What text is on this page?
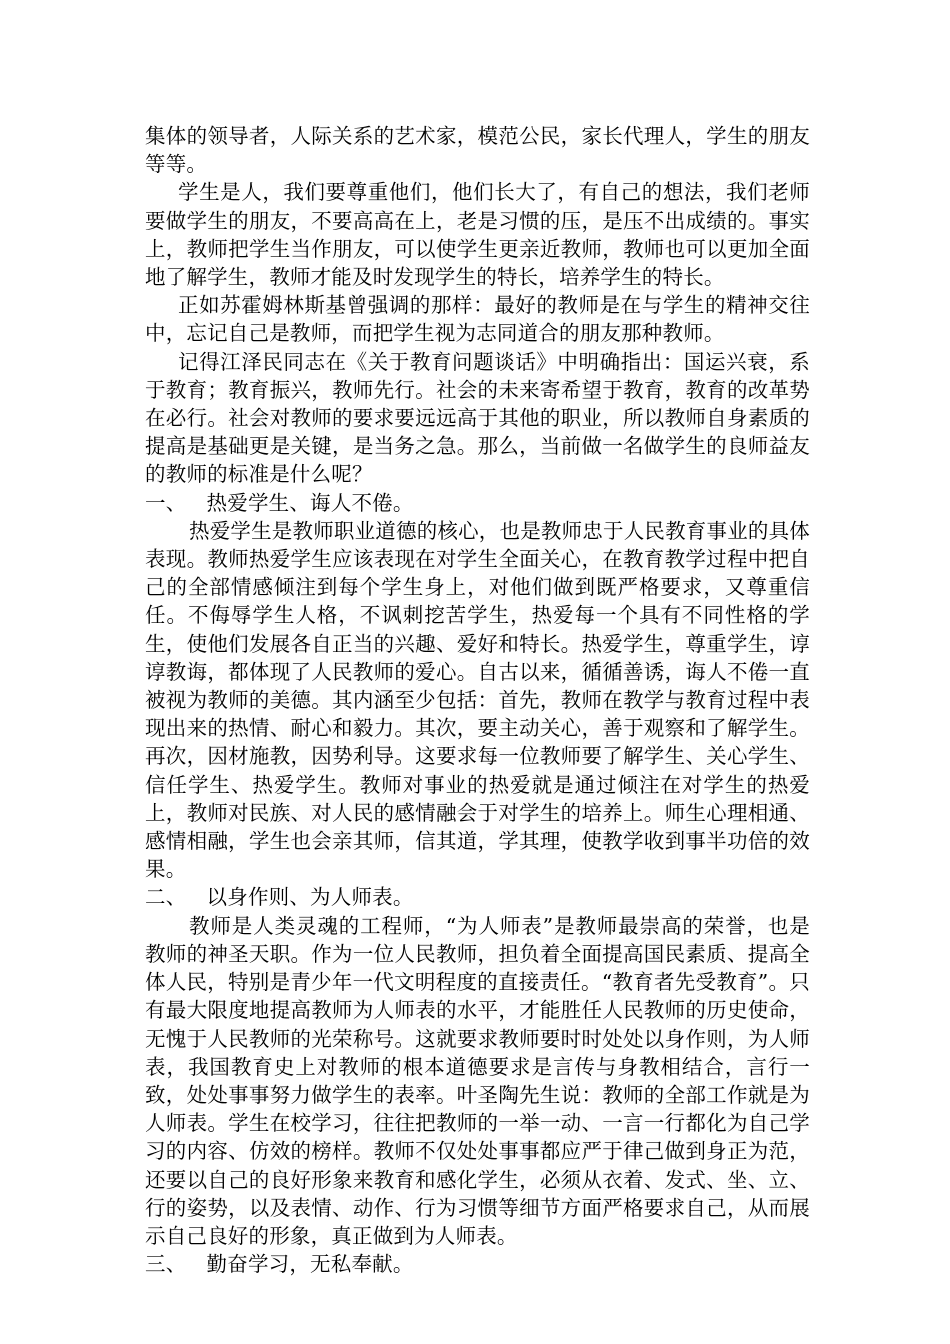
集体的领导者，人际关系的艺术家，模范公民，家长代理人，学生的朋友等等。

学生是人，我们要尊重他们，他们长大了，有自己的想法，我们老师要做学生的朋友，不要高高在上，老是习惯的压，是压不出成绩的。事实上，教师把学生当作朋友，可以使学生更亲近教师，教师也可以更加全面地了解学生，教师才能及时发现学生的特长，培养学生的特长。

正如苏霍姆林斯基曾强调的那样：最好的教师是在与学生的精神交往中，忘记自己是教师，而把学生视为志同道合的朋友那种教师。

记得江泽民同志在《关于教育问题谈话》中明确指出：国运兴衰，系于教育；教育振兴，教师先行。社会的未来寄希望于教育，教育的改革势在必行。社会对教师的要求要远远高于其他的职业，所以教师自身素质的提高是基础更是关键，是当务之急。那么，当前做一名做学生的良师益友的教师的标准是什么呢？

一、   热爱学生、诲人不倦。

热爱学生是教师职业道德的核心，也是教师忠于人民教育事业的具体表现。教师热爱学生应该表现在对学生全面关心，在教育教学过程中把自己的全部情感倾注到每个学生身上，对他们做到既严格要求，又尊重信任。不侮辱学生人格，不讽刺挖苦学生，热爱每一个具有不同性格的学生，使他们发展各自正当的兴趣、爱好和特长。热爱学生，尊重学生，谆谆教诲，都体现了人民教师的爱心。自古以来，循循善诱，诲人不倦一直被视为教师的美德。其内涵至少包括：首先，教师在教学与教育过程中表现出来的热情、耐心和毅力。其次，要主动关心，善于观察和了解学生。再次，因材施教，因势利导。这要求每一位教师要了解学生、关心学生、信任学生、热爱学生。教师对事业的热爱就是通过倾注在对学生的热爱上，教师对民族、对人民的感情融会于对学生的培养上。师生心理相通、感情相融，学生也会亲其师，信其道，学其理，使教学收到事半功倍的效果。

二、   以身作则、为人师表。

教师是人类灵魂的工程师，“为人师表”是教师最崇高的荣誉，也是教师的神圣天职。作为一位人民教师，担负着全面提高国民素质、提高全体人民，特别是青少年一代文明程度的直接责任。“教育者先受教育”。只有最大限度地提高教师为人师表的水平，才能胜任人民教师的历史使命，无愧于人民教师的光荣称号。这就要求教师要时时处处以身作则，为人师表，我国教育史上对教师的根本道德要求是言传与身教相结合，言行一致，处处事事努力做学生的表率。叶圣陶先生说：教师的全部工作就是为人师表。学生在校学习，往往把教师的一举一动、一言一行都化为自己学习的内容、仿效的榜样。教师不仅处处事事都应严于律己做到身正为范，还要以自己的良好形象来教育和感化学生，必须从衣着、发式、坐、立、行的姿势，以及表情、动作、行为习惯等细节方面严格要求自己，从而展示自己良好的形象，真正做到为人师表。

三、   勤奋学习，无私奉献。
